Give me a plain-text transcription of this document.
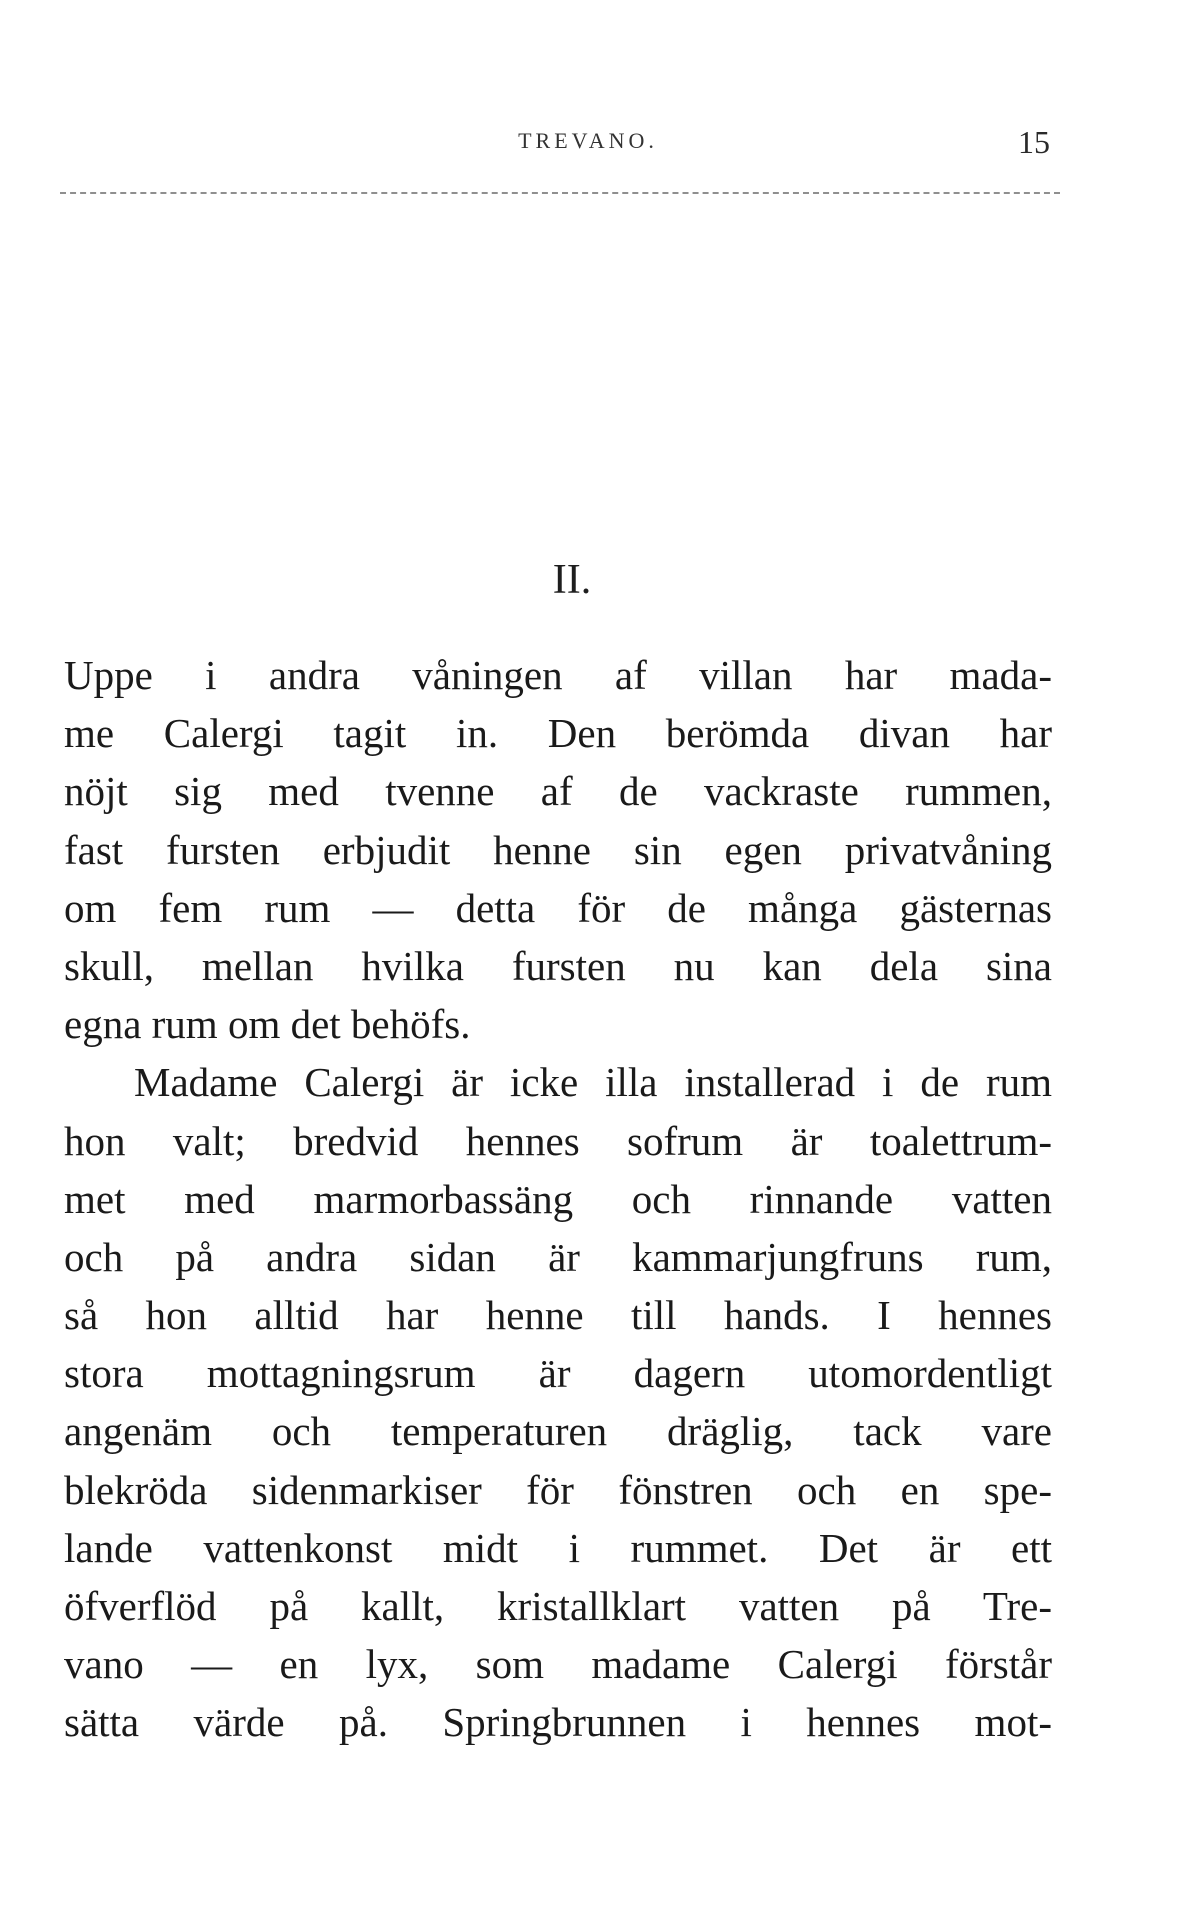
TREVANO.	15
II.
Uppe i andra våningen af villan har mada-
me Calergi tagit in. Den berömda divan har
nöjt sig med tvenne af de vackraste rummen,
fast fursten erbjudit henne sin egen privatvåning
om fem rum — detta för de många gästernas
skull, mellan hvilka fursten nu kan dela sina
egna rum om det behöfs.
Madame Calergi är icke illa installerad i de rum
hon valt; bredvid hennes sofrum är toalettrum-
met med marmorbassäng och rinnande vatten
och på andra sidan är kammarjungfruns rum,
så hon alltid har henne till hands. I hennes
stora mottagningsrum är dagern utomordentligt
angenäm och temperaturen dräglig, tack vare
blekröda sidenmarkiser för fönstren och en spe-
lande vattenkonst midt i rummet. Det är ett
öfverflöd på kallt, kristallklart vatten på Tre-
vano — en lyx, som madame Calergi förstår
sätta värde på. Springbrunnen i hennes mot-
